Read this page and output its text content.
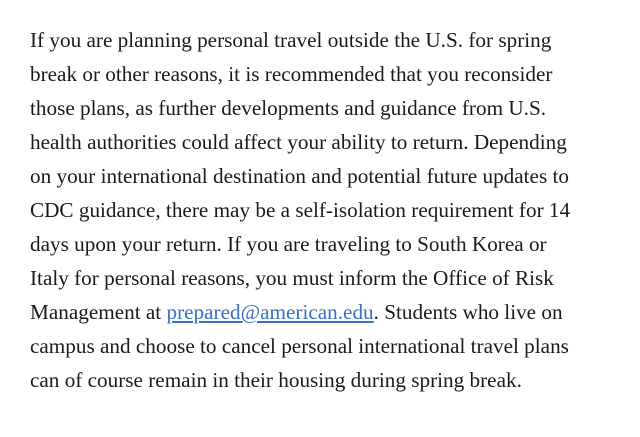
If you are planning personal travel outside the U.S. for spring
break or other reasons, it is recommended that you reconsider
those plans, as further developments and guidance from U.S.
health authorities could affect your ability to return. Depending
on your international destination and potential future updates to
CDC guidance, there may be a self-isolation requirement for 14
days upon your return. If you are traveling to South Korea or
Italy for personal reasons, you must inform the Office of Risk
Management at prepared@american.edu. Students who live on
campus and choose to cancel personal international travel plans
can of course remain in their housing during spring break.
